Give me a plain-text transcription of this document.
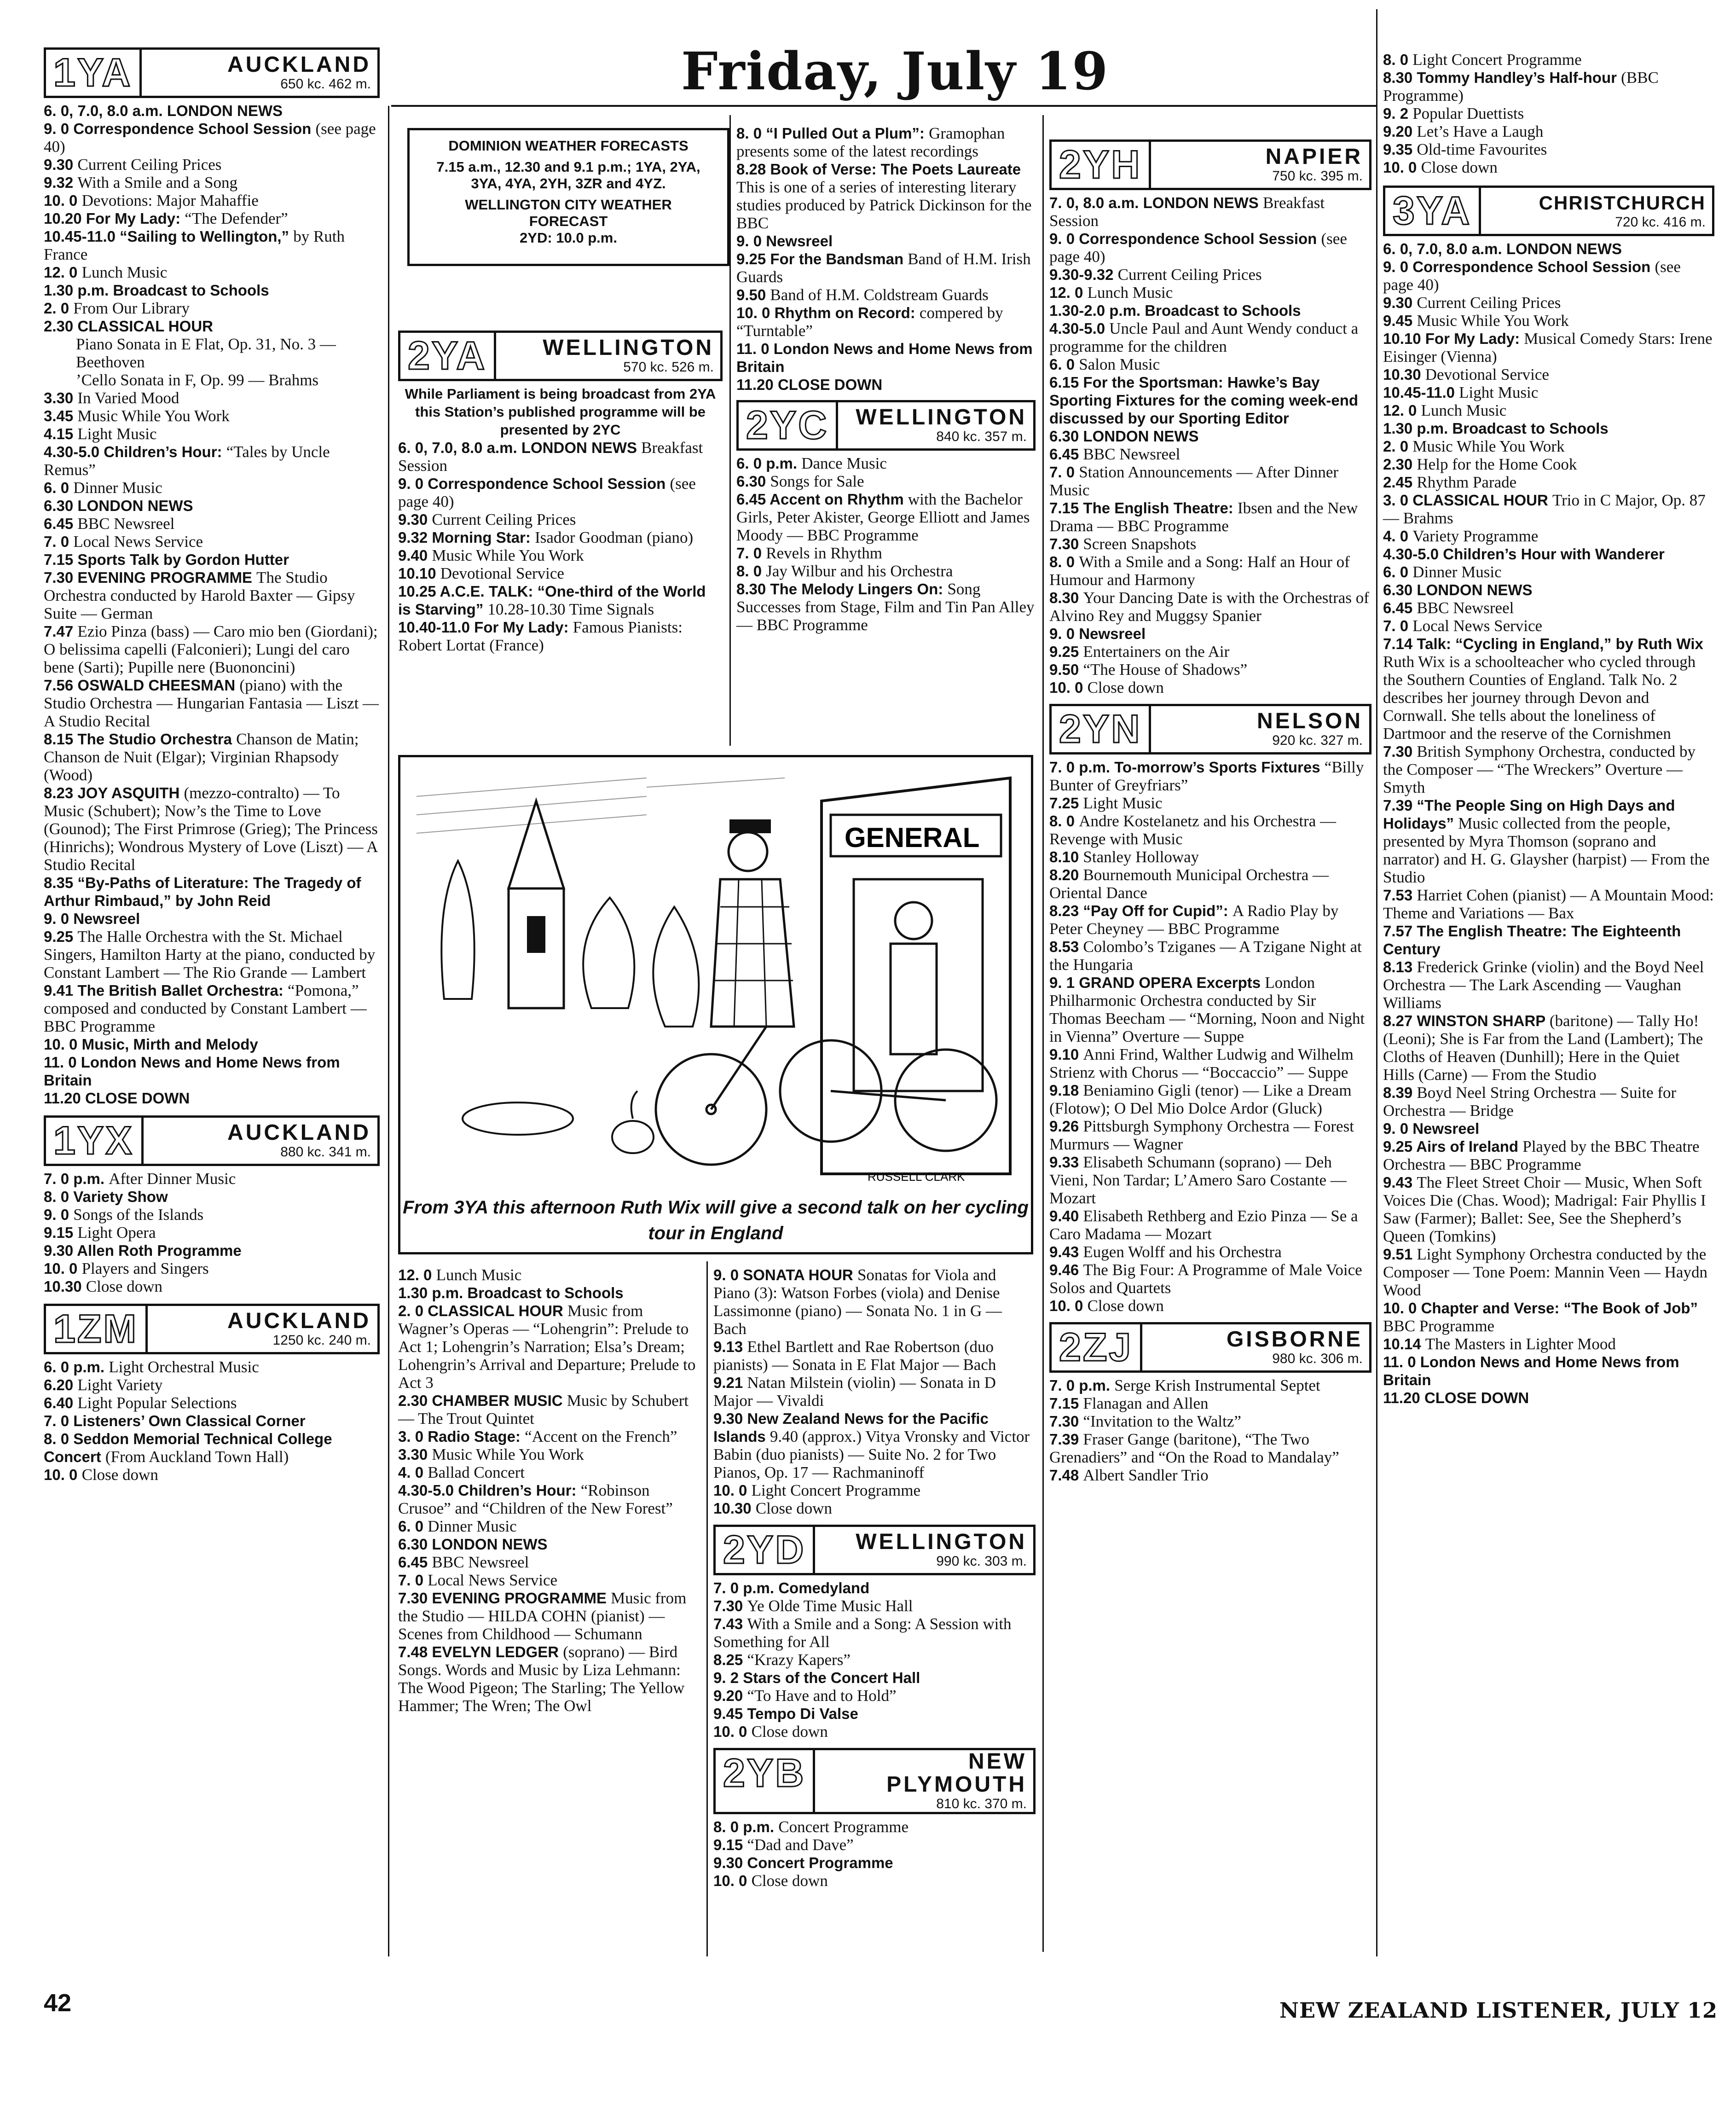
Friday, July 19
DOMINION WEATHER FORECASTS
7.15 a.m., 12.30 and 9.1 p.m.; 1YA, 2YA, 3YA, 4YA, 2YH, 3ZR and 4YZ.
WELLINGTON CITY WEATHER FORECAST
2YD: 10.0 p.m.
1YA	AUCKLAND
650 kc. 462 m.

6. 0, 7.0, 8.0 a.m. LONDON NEWS

9. 0 Correspondence School Session (see page 40)

9.30 Current Ceiling Prices

9.32 With a Smile and a Song

10. 0 Devotions: Major Mahaffie

10.20 For My Lady: “The Defender”

10.45-11.0 “Sailing to Wellington,” by Ruth France

12. 0 Lunch Music

1.30 p.m. Broadcast to Schools

2. 0 From Our Library

2.30 CLASSICAL HOUR

Piano Sonata in E Flat, Op. 31, No. 3 — Beethoven

’Cello Sonata in F, Op. 99 — Brahms

3.30 In Varied Mood

3.45 Music While You Work

4.15 Light Music

4.30-5.0 Children’s Hour: “Tales by Uncle Remus”

6. 0 Dinner Music

6.30 LONDON NEWS

6.45 BBC Newsreel

7. 0 Local News Service

7.15 Sports Talk by Gordon Hutter

7.30 EVENING PROGRAMME The Studio Orchestra conducted by Harold Baxter — Gipsy Suite — German

7.47 Ezio Pinza (bass) — Caro mio ben (Giordani); O belissima capelli (Falconieri); Lungi del caro bene (Sarti); Pupille nere (Buononcini)

7.56 OSWALD CHEESMAN (piano) with the Studio Orchestra — Hungarian Fantasia — Liszt — A Studio Recital

8.15 The Studio Orchestra Chanson de Matin; Chanson de Nuit (Elgar); Virginian Rhapsody (Wood)

8.23 JOY ASQUITH (mezzo-contralto) — To Music (Schubert); Now’s the Time to Love (Gounod); The First Primrose (Grieg); The Princess (Hinrichs); Wondrous Mystery of Love (Liszt) — A Studio Recital

8.35 “By-Paths of Literature: The Tragedy of Arthur Rimbaud,” by John Reid

9. 0 Newsreel

9.25 The Halle Orchestra with the St. Michael Singers, Hamilton Harty at the piano, conducted by Constant Lambert — The Rio Grande — Lambert

9.41 The British Ballet Orchestra: “Pomona,” composed and conducted by Constant Lambert — BBC Programme

10. 0 Music, Mirth and Melody

11. 0 London News and Home News from Britain

11.20 CLOSE DOWN

1YX	AUCKLAND
880 kc. 341 m.

7. 0 p.m. After Dinner Music

8. 0 Variety Show

9. 0 Songs of the Islands

9.15 Light Opera

9.30 Allen Roth Programme

10. 0 Players and Singers

10.30 Close down

1ZM	AUCKLAND
1250 kc. 240 m.

6. 0 p.m. Light Orchestral Music

6.20 Light Variety

6.40 Light Popular Selections

7. 0 Listeners’ Own Classical Corner

8. 0 Seddon Memorial Technical College Concert (From Auckland Town Hall)

10. 0 Close down

2YA	WELLINGTON
570 kc. 526 m.

While Parliament is being broadcast from 2YA this Station’s published programme will be presented by 2YC

6. 0, 7.0, 8.0 a.m. LONDON NEWS Breakfast Session

9. 0 Correspondence School Session (see page 40)

9.30 Current Ceiling Prices

9.32 Morning Star: Isador Goodman (piano)

9.40 Music While You Work

10.10 Devotional Service

10.25 A.C.E. TALK: “One-third of the World is Starving” 10.28-10.30 Time Signals

10.40-11.0 For My Lady: Famous Pianists: Robert Lortat (France)

8. 0 “I Pulled Out a Plum”: Gramophan presents some of the latest recordings

8.28 Book of Verse: The Poets Laureate This is one of a series of interesting literary studies produced by Patrick Dickinson for the BBC

9. 0 Newsreel

9.25 For the Bandsman Band of H.M. Irish Guards

9.50 Band of H.M. Coldstream Guards

10. 0 Rhythm on Record: compered by “Turntable”

11. 0 London News and Home News from Britain

11.20 CLOSE DOWN

2YC	WELLINGTON
840 kc. 357 m.

6. 0 p.m. Dance Music

6.30 Songs for Sale

6.45 Accent on Rhythm with the Bachelor Girls, Peter Akister, George Elliott and James Moody — BBC Programme

7. 0 Revels in Rhythm

8. 0 Jay Wilbur and his Orchestra

8.30 The Melody Lingers On: Song Successes from Stage, Film and Tin Pan Alley — BBC Programme

GENERAL
RUSSELL CLARK
From 3YA this afternoon Ruth Wix will give a second talk on her cycling tour in England

12. 0 Lunch Music

1.30 p.m. Broadcast to Schools

2. 0 CLASSICAL HOUR Music from Wagner’s Operas — “Lohengrin”: Prelude to Act 1; Lohengrin’s Narration; Elsa’s Dream; Lohengrin’s Arrival and Departure; Prelude to Act 3

2.30 CHAMBER MUSIC Music by Schubert — The Trout Quintet

3. 0 Radio Stage: “Accent on the French”

3.30 Music While You Work

4. 0 Ballad Concert

4.30-5.0 Children’s Hour: “Robinson Crusoe” and “Children of the New Forest”

6. 0 Dinner Music

6.30 LONDON NEWS

6.45 BBC Newsreel

7. 0 Local News Service

7.30 EVENING PROGRAMME Music from the Studio — HILDA COHN (pianist) — Scenes from Childhood — Schumann

7.48 EVELYN LEDGER (soprano) — Bird Songs. Words and Music by Liza Lehmann: The Wood Pigeon; The Starling; The Yellow Hammer; The Wren; The Owl

9. 0 SONATA HOUR Sonatas for Viola and Piano (3): Watson Forbes (viola) and Denise Lassimonne (piano) — Sonata No. 1 in G — Bach

9.13 Ethel Bartlett and Rae Robertson (duo pianists) — Sonata in E Flat Major — Bach

9.21 Natan Milstein (violin) — Sonata in D Major — Vivaldi

9.30 New Zealand News for the Pacific Islands 9.40 (approx.) Vitya Vronsky and Victor Babin (duo pianists) — Suite No. 2 for Two Pianos, Op. 17 — Rachmaninoff

10. 0 Light Concert Programme

10.30 Close down

2YD	WELLINGTON
990 kc. 303 m.

7. 0 p.m. Comedyland

7.30 Ye Olde Time Music Hall

7.43 With a Smile and a Song: A Session with Something for All

8.25 “Krazy Kapers”

9. 2 Stars of the Concert Hall

9.20 “To Have and to Hold”

9.45 Tempo Di Valse

10. 0 Close down

2YB	NEW PLYMOUTH
810 kc. 370 m.

8. 0 p.m. Concert Programme

9.15 “Dad and Dave”

9.30 Concert Programme

10. 0 Close down

2YH	NAPIER
750 kc. 395 m.

7. 0, 8.0 a.m. LONDON NEWS Breakfast Session

9. 0 Correspondence School Session (see page 40)

9.30-9.32 Current Ceiling Prices

12. 0 Lunch Music

1.30-2.0 p.m. Broadcast to Schools

4.30-5.0 Uncle Paul and Aunt Wendy conduct a programme for the children

6. 0 Salon Music

6.15 For the Sportsman: Hawke’s Bay Sporting Fixtures for the coming week-end discussed by our Sporting Editor

6.30 LONDON NEWS

6.45 BBC Newsreel

7. 0 Station Announcements — After Dinner Music

7.15 The English Theatre: Ibsen and the New Drama — BBC Programme

7.30 Screen Snapshots

8. 0 With a Smile and a Song: Half an Hour of Humour and Harmony

8.30 Your Dancing Date is with the Orchestras of Alvino Rey and Muggsy Spanier

9. 0 Newsreel

9.25 Entertainers on the Air

9.50 “The House of Shadows”

10. 0 Close down

2YN	NELSON
920 kc. 327 m.

7. 0 p.m. To-morrow’s Sports Fixtures “Billy Bunter of Greyfriars”

7.25 Light Music

8. 0 Andre Kostelanetz and his Orchestra — Revenge with Music

8.10 Stanley Holloway

8.20 Bournemouth Municipal Orchestra — Oriental Dance

8.23 “Pay Off for Cupid”: A Radio Play by Peter Cheyney — BBC Programme

8.53 Colombo’s Tziganes — A Tzigane Night at the Hungaria

9. 1 GRAND OPERA Excerpts London Philharmonic Orchestra conducted by Sir Thomas Beecham — “Morning, Noon and Night in Vienna” Overture — Suppe

9.10 Anni Frind, Walther Ludwig and Wilhelm Strienz with Chorus — “Boccaccio” — Suppe

9.18 Beniamino Gigli (tenor) — Like a Dream (Flotow); O Del Mio Dolce Ardor (Gluck)

9.26 Pittsburgh Symphony Orchestra — Forest Murmurs — Wagner

9.33 Elisabeth Schumann (soprano) — Deh Vieni, Non Tardar; L’Amero Saro Costante — Mozart

9.40 Elisabeth Rethberg and Ezio Pinza — Se a Caro Madama — Mozart

9.43 Eugen Wolff and his Orchestra

9.46 The Big Four: A Programme of Male Voice Solos and Quartets

10. 0 Close down

2ZJ	GISBORNE
980 kc. 306 m.

7. 0 p.m. Serge Krish Instrumental Septet

7.15 Flanagan and Allen

7.30 “Invitation to the Waltz”

7.39 Fraser Gange (baritone), “The Two Grenadiers” and “On the Road to Mandalay”

7.48 Albert Sandler Trio

8. 0 Light Concert Programme

8.30 Tommy Handley’s Half-hour (BBC Programme)

9. 2 Popular Duettists

9.20 Let’s Have a Laugh

9.35 Old-time Favourites

10. 0 Close down

3YA	CHRISTCHURCH
720 kc. 416 m.

6. 0, 7.0, 8.0 a.m. LONDON NEWS

9. 0 Correspondence School Session (see page 40)

9.30 Current Ceiling Prices

9.45 Music While You Work

10.10 For My Lady: Musical Comedy Stars: Irene Eisinger (Vienna)

10.30 Devotional Service

10.45-11.0 Light Music

12. 0 Lunch Music

1.30 p.m. Broadcast to Schools

2. 0 Music While You Work

2.30 Help for the Home Cook

2.45 Rhythm Parade

3. 0 CLASSICAL HOUR Trio in C Major, Op. 87 — Brahms

4. 0 Variety Programme

4.30-5.0 Children’s Hour with Wanderer

6. 0 Dinner Music

6.30 LONDON NEWS

6.45 BBC Newsreel

7. 0 Local News Service

7.14 Talk: “Cycling in England,” by Ruth Wix Ruth Wix is a schoolteacher who cycled through the Southern Counties of England. Talk No. 2 describes her journey through Devon and Cornwall. She tells about the loneliness of Dartmoor and the reserve of the Cornishmen

7.30 British Symphony Orchestra, conducted by the Composer — “The Wreckers” Overture — Smyth

7.39 “The People Sing on High Days and Holidays” Music collected from the people, presented by Myra Thomson (soprano and narrator) and H. G. Glaysher (harpist) — From the Studio

7.53 Harriet Cohen (pianist) — A Mountain Mood: Theme and Variations — Bax

7.57 The English Theatre: The Eighteenth Century

8.13 Frederick Grinke (violin) and the Boyd Neel Orchestra — The Lark Ascending — Vaughan Williams

8.27 WINSTON SHARP (baritone) — Tally Ho! (Leoni); She is Far from the Land (Lambert); The Cloths of Heaven (Dunhill); Here in the Quiet Hills (Carne) — From the Studio

8.39 Boyd Neel String Orchestra — Suite for Orchestra — Bridge

9. 0 Newsreel

9.25 Airs of Ireland Played by the BBC Theatre Orchestra — BBC Programme

9.43 The Fleet Street Choir — Music, When Soft Voices Die (Chas. Wood); Madrigal: Fair Phyllis I Saw (Farmer); Ballet: See, See the Shepherd’s Queen (Tomkins)

9.51 Light Symphony Orchestra conducted by the Composer — Tone Poem: Mannin Veen — Haydn Wood

10. 0 Chapter and Verse: “The Book of Job” BBC Programme

10.14 The Masters in Lighter Mood

11. 0 London News and Home News from Britain

11.20 CLOSE DOWN

42	NEW ZEALAND LISTENER, JULY 12
